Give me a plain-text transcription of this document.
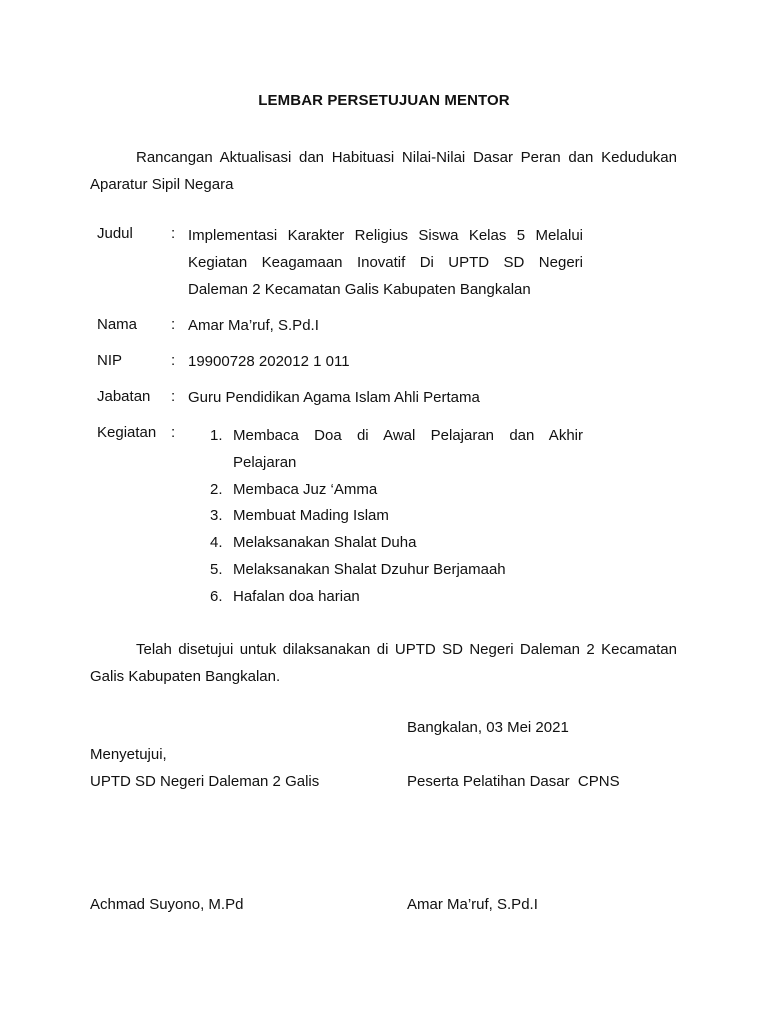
LEMBAR PERSETUJUAN MENTOR
Rancangan Aktualisasi dan Habituasi Nilai-Nilai Dasar Peran dan Kedudukan Aparatur Sipil Negara
Judul	: Implementasi Karakter Religius Siswa Kelas 5 Melalui
Kegiatan Keagamaan Inovatif Di UPTD SD Negeri
Daleman 2 Kecamatan Galis Kabupaten Bangkalan
Nama : Amar Ma’ruf, S.Pd.I
NIP	: 19900728 202012 1 011
Jabatan : Guru Pendidikan Agama Islam Ahli Pertama
Kegiatan : 1. Membaca Doa di Awal Pelajaran dan Akhir
Pelajaran
2. Membaca Juz ‘Amma
3. Membuat Mading Islam
4. Melaksanakan Shalat Duha
5. Melaksanakan Shalat Dzuhur Berjamaah
6. Hafalan doa harian
Telah disetujui untuk dilaksanakan di UPTD SD Negeri Daleman 2 Kecamatan Galis Kabupaten Bangkalan.
Bangkalan, 03 Mei 2021
Menyetujui,
UPTD SD Negeri Daleman 2 Galis	Peserta Pelatihan Dasar  CPNS
Achmad Suyono, M.Pd	Amar Ma’ruf, S.Pd.I
